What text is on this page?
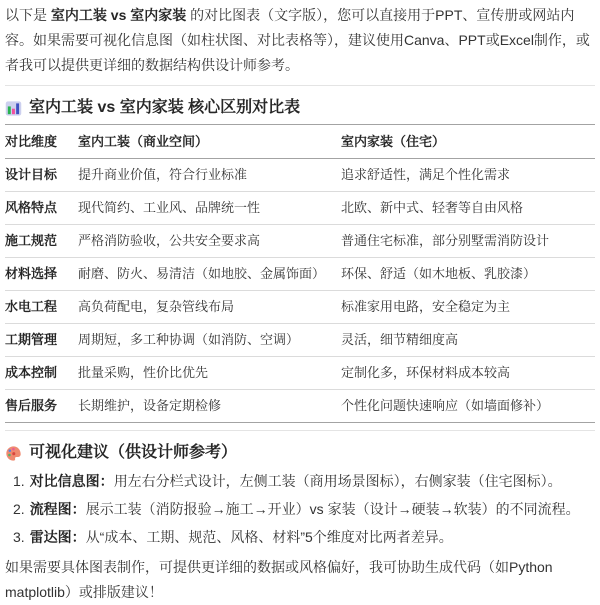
以下是 室内工装 vs 室内家装 的对比图表（文字版），您可以直接用于PPT、宣传册或网站内容。如果需要可视化信息图（如柱状图、对比表格等），建议使用Canva、PPT或Excel制作，或者我可以提供更详细的数据结构供设计师参考。

室内工装 vs 室内家装 核心区别对比表
对比维度	室内工装（商业空间）	室内家装（住宅）
设计目标	提升商业价值，符合行业标准	追求舒适性，满足个性化需求
风格特点	现代简约、工业风、品牌统一性	北欧、新中式、轻奢等自由风格
施工规范	严格消防验收，公共安全要求高	普通住宅标准，部分别墅需消防设计
材料选择	耐磨、防火、易清洁（如地胶、金属饰面）	环保、舒适（如木地板、乳胶漆）
水电工程	高负荷配电，复杂管线布局	标准家用电路，安全稳定为主
工期管理	周期短，多工种协调（如消防、空调）	灵活，细节精细度高
成本控制	批量采购，性价比优先	定制化多，环保材料成本较高
售后服务	长期维护，设备定期检修	个性化问题快速响应（如墙面修补）
可视化建议（供设计师参考）
1. 对比信息图：用左右分栏式设计，左侧工装（商用场景图标），右侧家装（住宅图标）。
2. 流程图：展示工装（消防报验→施工→开业）vs 家装（设计→硬装→软装）的不同流程。
3. 雷达图：从“成本、工期、规范、风格、材料”5个维度对比两者差异。

如果需要具体图表制作，可提供更详细的数据或风格偏好，我可协助生成代码（如Python matplotlib）或排版建议！
